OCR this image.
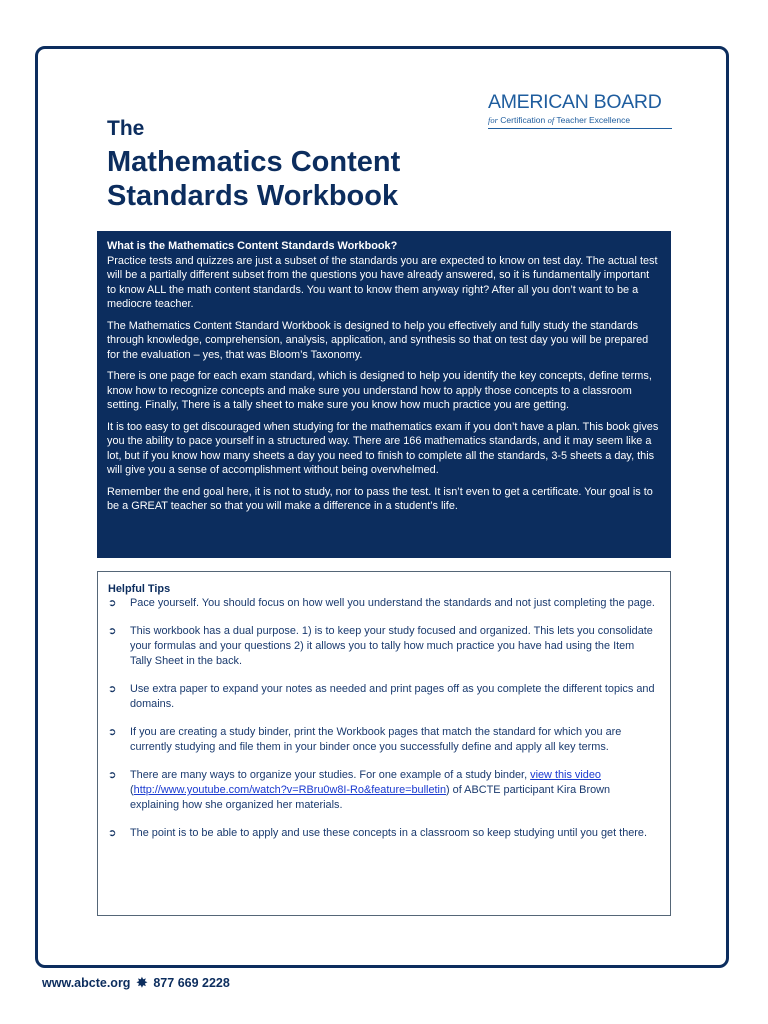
AMERICAN BOARD
for Certification of Teacher Excellence
The
Mathematics Content Standards Workbook
What is the Mathematics Content Standards Workbook?

Practice tests and quizzes are just a subset of the standards you are expected to know on test day. The actual test will be a partially different subset from the questions you have already answered, so it is fundamentally important to know ALL the math content standards. You want to know them anyway right? After all you don’t want to be a mediocre teacher.

The Mathematics Content Standard Workbook is designed to help you effectively and fully study the standards through knowledge, comprehension, analysis, application, and synthesis so that on test day you will be prepared for the evaluation – yes, that was Bloom’s Taxonomy.

There is one page for each exam standard, which is designed to help you identify the key concepts, define terms, know how to recognize concepts and make sure you understand how to apply those concepts to a classroom setting. Finally, There is a tally sheet to make sure you know how much practice you are getting.

It is too easy to get discouraged when studying for the mathematics exam if you don’t have a plan. This book gives you the ability to pace yourself in a structured way. There are 166 mathematics standards, and it may seem like a lot, but if you know how many sheets a day you need to finish to complete all the standards, 3-5 sheets a day, this will give you a sense of accomplishment without being overwhelmed.

Remember the end goal here, it is not to study, nor to pass the test. It isn’t even to get a certificate. Your goal is to be a GREAT teacher so that you will make a difference in a student’s life.

Helpful Tips
➲	Pace yourself. You should focus on how well you understand the standards and not just completing the page.
➲	This workbook has a dual purpose. 1) is to keep your study focused and organized. This lets you consolidate your formulas and your questions 2) it allows you to tally how much practice you have had using the Item Tally Sheet in the back.
➲	Use extra paper to expand your notes as needed and print pages off as you complete the different topics and domains.
➲	If you are creating a study binder, print the Workbook pages that match the standard for which you are currently studying and file them in your binder once you successfully define and apply all key terms.
➲	There are many ways to organize your studies. For one example of a study binder, view this video (http://www.youtube.com/watch?v=RBru0w8I-Ro&feature=bulletin) of ABCTE participant Kira Brown explaining how she organized her materials.
➲	The point is to be able to apply and use these concepts in a classroom so keep studying until you get there.
www.abcte.org ✸ 877 669 2228
